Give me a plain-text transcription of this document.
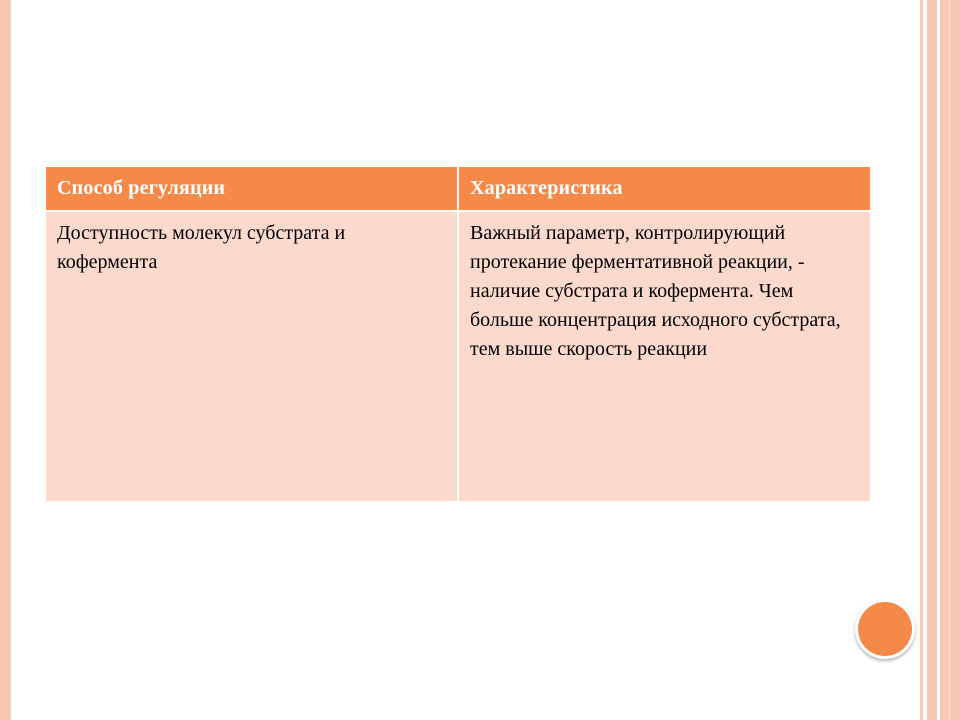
Способ регуляции	Характеристика
Доступность молекул субстрата и кофермента	Важный параметр, контролирующий протекание ферментативной реакции, - наличие субстрата и кофермента. Чем больше концентрация исходного субстрата, тем выше скорость реакции
